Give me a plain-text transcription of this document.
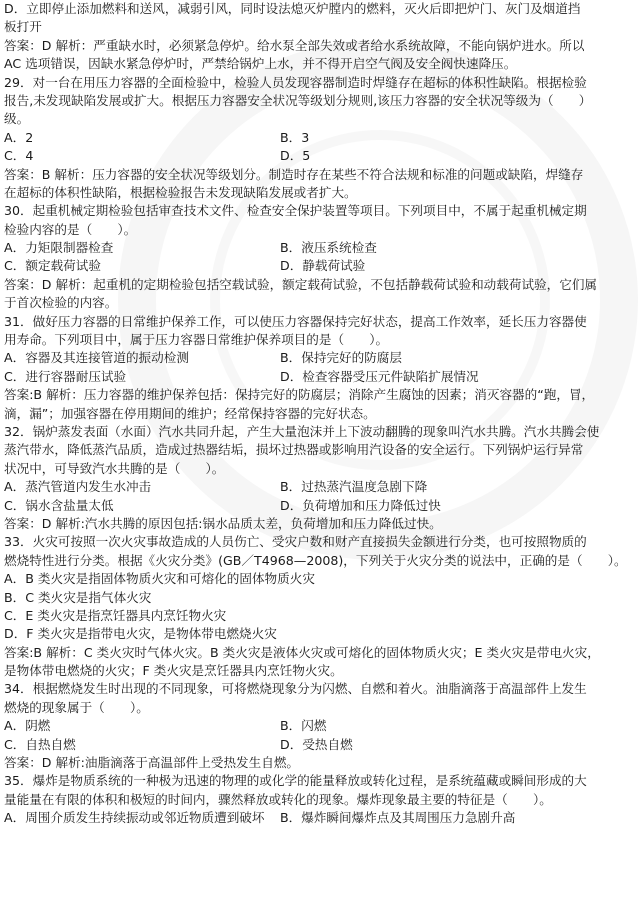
D．立即停止添加燃料和送风，减弱引风，同时设法熄灭炉膛内的燃料，灭火后即把炉门、灰门及烟道挡
板打开
答案：D 解析：严重缺水时，必须紧急停炉。给水泵全部失效或者给水系统故障，不能向锅炉进水。所以
AC 选项错误，因缺水紧急停炉时，严禁给锅炉上水，并不得开启空气阀及安全阀快速降压。
29．对一台在用压力容器的全面检验中，检验人员发现容器制造时焊缝存在超标的体积性缺陷。根据检验
报告,未发现缺陷发展或扩大。根据压力容器安全状况等级划分规则,该压力容器的安全状况等级为（　　）
级。
A．2	B．3
C．4	D．5
答案：B 解析：压力容器的安全状况等级划分。制造时存在某些不符合法规和标准的问题或缺陷，焊缝存
在超标的体积性缺陷，根据检验报告未发现缺陷发展或者扩大。
30．起重机械定期检验包括审查技术文件、检查安全保护装置等项目。下列项目中，不属于起重机械定期
检验内容的是（　　）。
A．力矩限制器检查	B．液压系统检查
C．额定载荷试验	D．静载荷试验
答案：D 解析：起重机的定期检验包括空载试验，额定载荷试验，不包括静载荷试验和动载荷试验，它们属
于首次检验的内容。
31．做好压力容器的日常维护保养工作，可以使压力容器保持完好状态，提高工作效率，延长压力容器使
用寿命。下列项目中，属于压力容器日常维护保养项目的是（　　）。
A．容器及其连接管道的振动检测	B．保持完好的防腐层
C．进行容器耐压试验	D．检查容器受压元件缺陷扩展情况
答案:B 解析：压力容器的维护保养包括：保持完好的防腐层；消除产生腐蚀的因素；消灭容器的“跑，冒，
滴，漏”；加强容器在停用期间的维护；经常保持容器的完好状态。
32．锅炉蒸发表面（水面）汽水共同升起，产生大量泡沫并上下波动翻腾的现象叫汽水共腾。汽水共腾会使
蒸汽带水，降低蒸汽品质，造成过热器结垢，损坏过热器或影响用汽设备的安全运行。下列锅炉运行异常
状况中，可导致汽水共腾的是（　　）。
A．蒸汽管道内发生水冲击	B．过热蒸汽温度急剧下降
C．锅水含盐量太低	D．负荷增加和压力降低过快
答案：D 解析:汽水共腾的原因包括:锅水品质太差，负荷增加和压力降低过快。
33．火灾可按照一次火灾事故造成的人员伤亡、受灾户数和财产直接损失金额进行分类，也可按照物质的
燃烧特性进行分类。根据《火灾分类》(GB／T4968—2008)，下列关于火灾分类的说法中，正确的是（　　）。
A．B 类火灾是指固体物质火灾和可熔化的固体物质火灾
B．C 类火灾是指气体火灾
C．E 类火灾是指烹饪器具内烹饪物火灾
D．F 类火灾是指带电火灾，是物体带电燃烧火灾
答案:B 解析：C 类火灾时气体火灾。B 类火灾是液体火灾或可熔化的固体物质火灾；E 类火灾是带电火灾，
是物体带电燃烧的火灾；F 类火灾是烹饪器具内烹饪物火灾。
34．根据燃烧发生时出现的不同现象，可将燃烧现象分为闪燃、自燃和着火。油脂滴落于高温部件上发生
燃烧的现象属于（　　）。
A．阴燃	B．闪燃
C．自热自燃	D．受热自燃
答案：D 解析:油脂滴落于高温部件上受热发生自燃。
35．爆炸是物质系统的一种极为迅速的物理的或化学的能量释放或转化过程，是系统蕴藏或瞬间形成的大
量能量在有限的体积和极短的时间内，骤然释放或转化的现象。爆炸现象最主要的特征是（　　）。
A．周围介质发生持续振动或邻近物质遭到破坏	B．爆炸瞬间爆炸点及其周围压力急剧升高
